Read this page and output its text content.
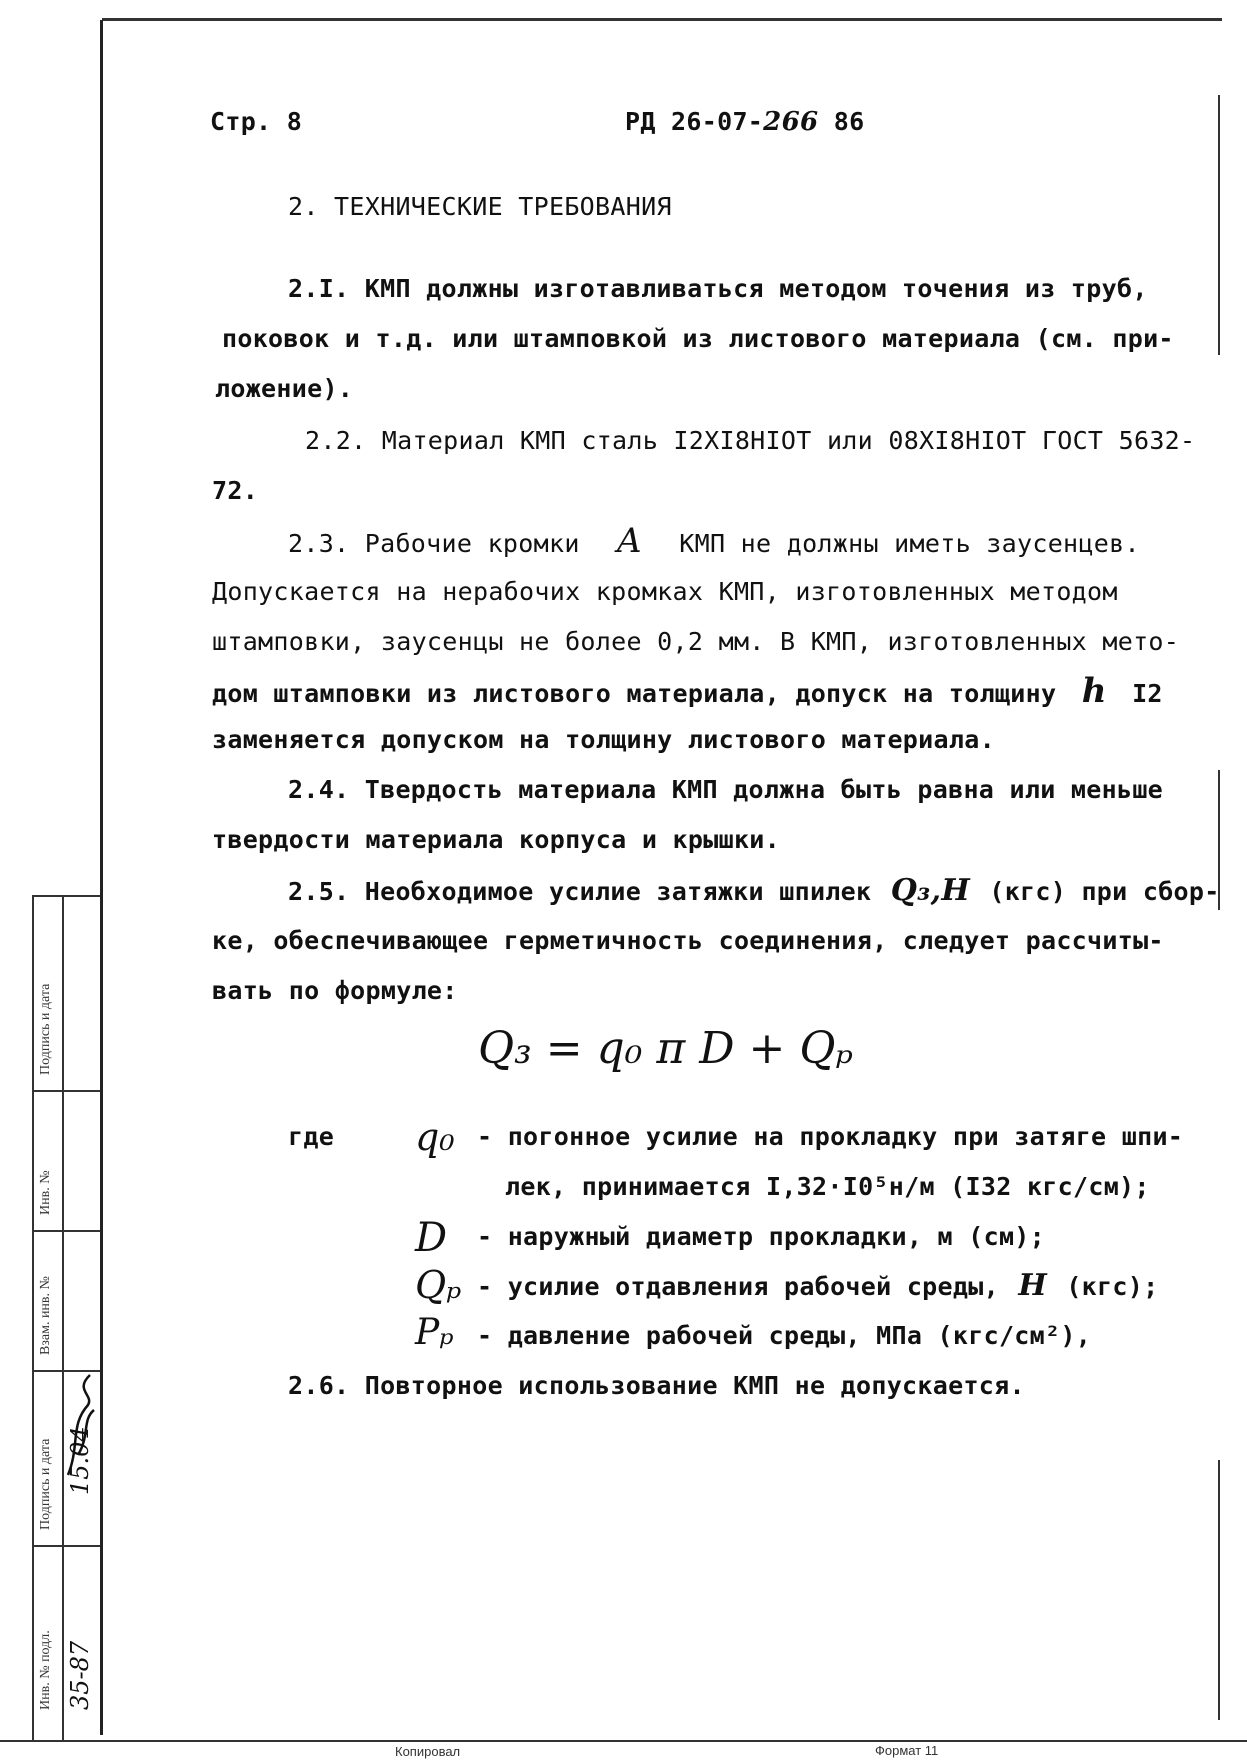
Стр. 8	РД 26-07-266 86
2. ТЕХНИЧЕСКИЕ ТРЕБОВАНИЯ
2.I. КМП должны изготавливаться методом точения из труб,
поковок и т.д. или штамповкой из листового материала (см. при-
ложение).
2.2. Материал КМП сталь I2XI8HIOT или 08XI8HIOT ГОСТ 5632-
72.
2.3. Рабочие кромки A КМП не должны иметь заусенцев.
Допускается на нерабочих кромках КМП, изготовленных методом
штамповки, заусенцы не более 0,2 мм. В КМП, изготовленных мето-
дом штамповки из листового материала, допуск на толщину h I2
заменяется допуском на толщину листового материала.
2.4. Твердость материала КМП должна быть равна или меньше
твердости материала корпуса и крышки.
2.5. Необходимое усилие затяжки шпилек Q₃,H (кгс) при сбор-
ке, обеспечивающее герметичность соединения, следует рассчиты-
вать по формуле:
Q₃ = q₀ π D + Qₚ
где q₀ - погонное усилие на прокладку при затяге шпи-
лек, принимается I,32·I0⁵н/м (I32 кгс/см);
D - наружный диаметр прокладки, м (см);
Qₚ - усилие отдавления рабочей среды, H (кгс);
Pₚ - давление рабочей среды, МПа (кгс/см²),
2.6. Повторное использование КМП не допускается.
Подпись и дата
Инв. №
Взам. инв. №
Подпись и дата
Инв. № подл.
15.04
35-87
Копировал	Формат 11
